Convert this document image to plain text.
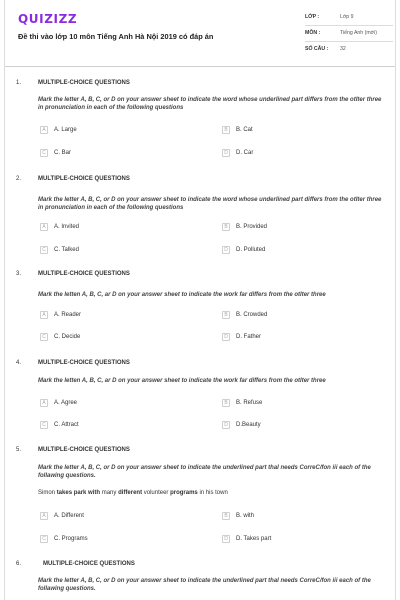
QUIZIZZ
Đề thi vào lớp 10 môn Tiếng Anh Hà Nội 2019 có đáp án
LỚP :	Lớp 9
MÔN :	Tiếng Anh (mới)
SỐ CÂU :	32
1.	MULTIPLE-CHOICE QUESTIONS
Mark the letter A, B, C, or D on your answer sheet to indicate the word whose underlined part differs from the otlter three in pronunciation in each of the following questions
A	A. Large	B	B. Cat
C	C. Bar	D	D. Car
2.	MULTIPLE-CHOICE QUESTIONS
Mark the letter A, B, C, or D on your answer sheet to indicate the word whose underlined part differs from the otlter three in pronunciation in each of the following questions
A	A. Invited	B	B. Provided
C	C. Talked	D	D. Polluted
3.	MULTIPLE-CHOICE QUESTIONS
Mark the letten A, B, C, ar D on your answer sheet to indicate the work far differs from the otlter three
A	A. Reader	B	B. Crowded
C	C. Decide	D	D. Father
4.	MULTIPLE-CHOICE QUESTIONS
Mark the letten A, B, C, ar D on your answer sheet to indicate the work far differs from the otlter three
A	A. Agree	B	B. Refuse
C	C. Attract	D	D.Beauty
5.	MULTIPLE-CHOICE QUESTIONS
Mark the letter A, B, C, or D on your answer sheet to indicate the underlined part thal needs CorreC/fon iii each of the follawing questions.
Simon takes park with many different volunteer programs in his town
A	A. Different	B	B. with
C	C. Programs	D	D. Takes part
6.	MULTIPLE-CHOICE QUESTIONS
Mark the letter A, B, C, or D on your answer sheet to indicate the underlined part thal needs CorreC/fon iii each of the follawing questions.
